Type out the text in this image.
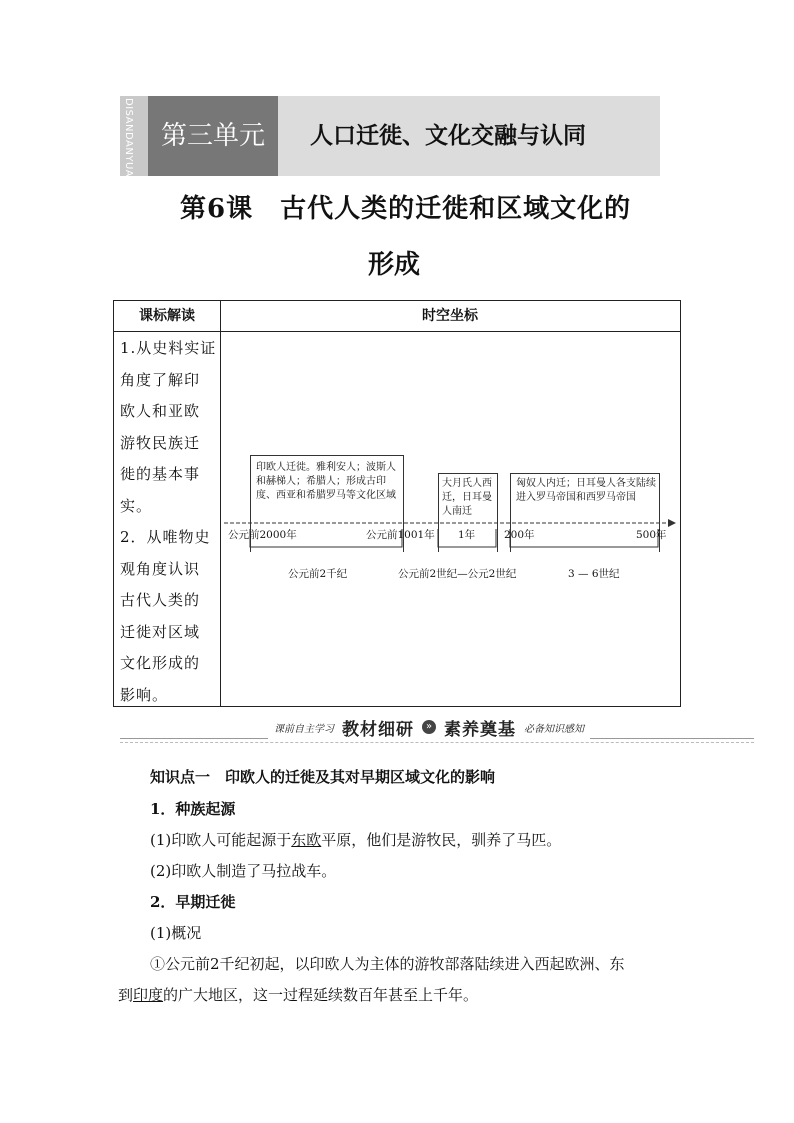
DISANDANYUAN	第三单元	人口迁徙、文化交融与认同
第6课　古代人类的迁徙和区域文化的
形成
课标解读	时空坐标

1.从史料实证

角度了解印

欧人和亚欧

游牧民族迁

徙的基本事

实。

2．从唯物史

观角度认识

古代人类的

迁徙对区域

文化形成的

影响。

印欧人迁徙。雅利安人；波斯人和赫梯人；希腊人；形成古印度、西亚和希腊罗马等文化区域
大月氏人西迁，日耳曼人南迁
匈奴人内迁；日耳曼人各支陆续进入罗马帝国和西罗马帝国
公元前2000年	公元前1001年 1年	200年	500年
公元前2千纪	公元前2世纪—公元2世纪	3 — 6世纪
课前自主学习 教材细研	» 素养奠基 必备知识感知
知识点一　印欧人的迁徙及其对早期区域文化的影响
1．种族起源
(1)印欧人可能起源于东欧平原，他们是游牧民，驯养了马匹。
(2)印欧人制造了马拉战车。
2．早期迁徙
(1)概况
①公元前2千纪初起，以印欧人为主体的游牧部落陆续进入西起欧洲、东
到印度的广大地区，这一过程延续数百年甚至上千年。
